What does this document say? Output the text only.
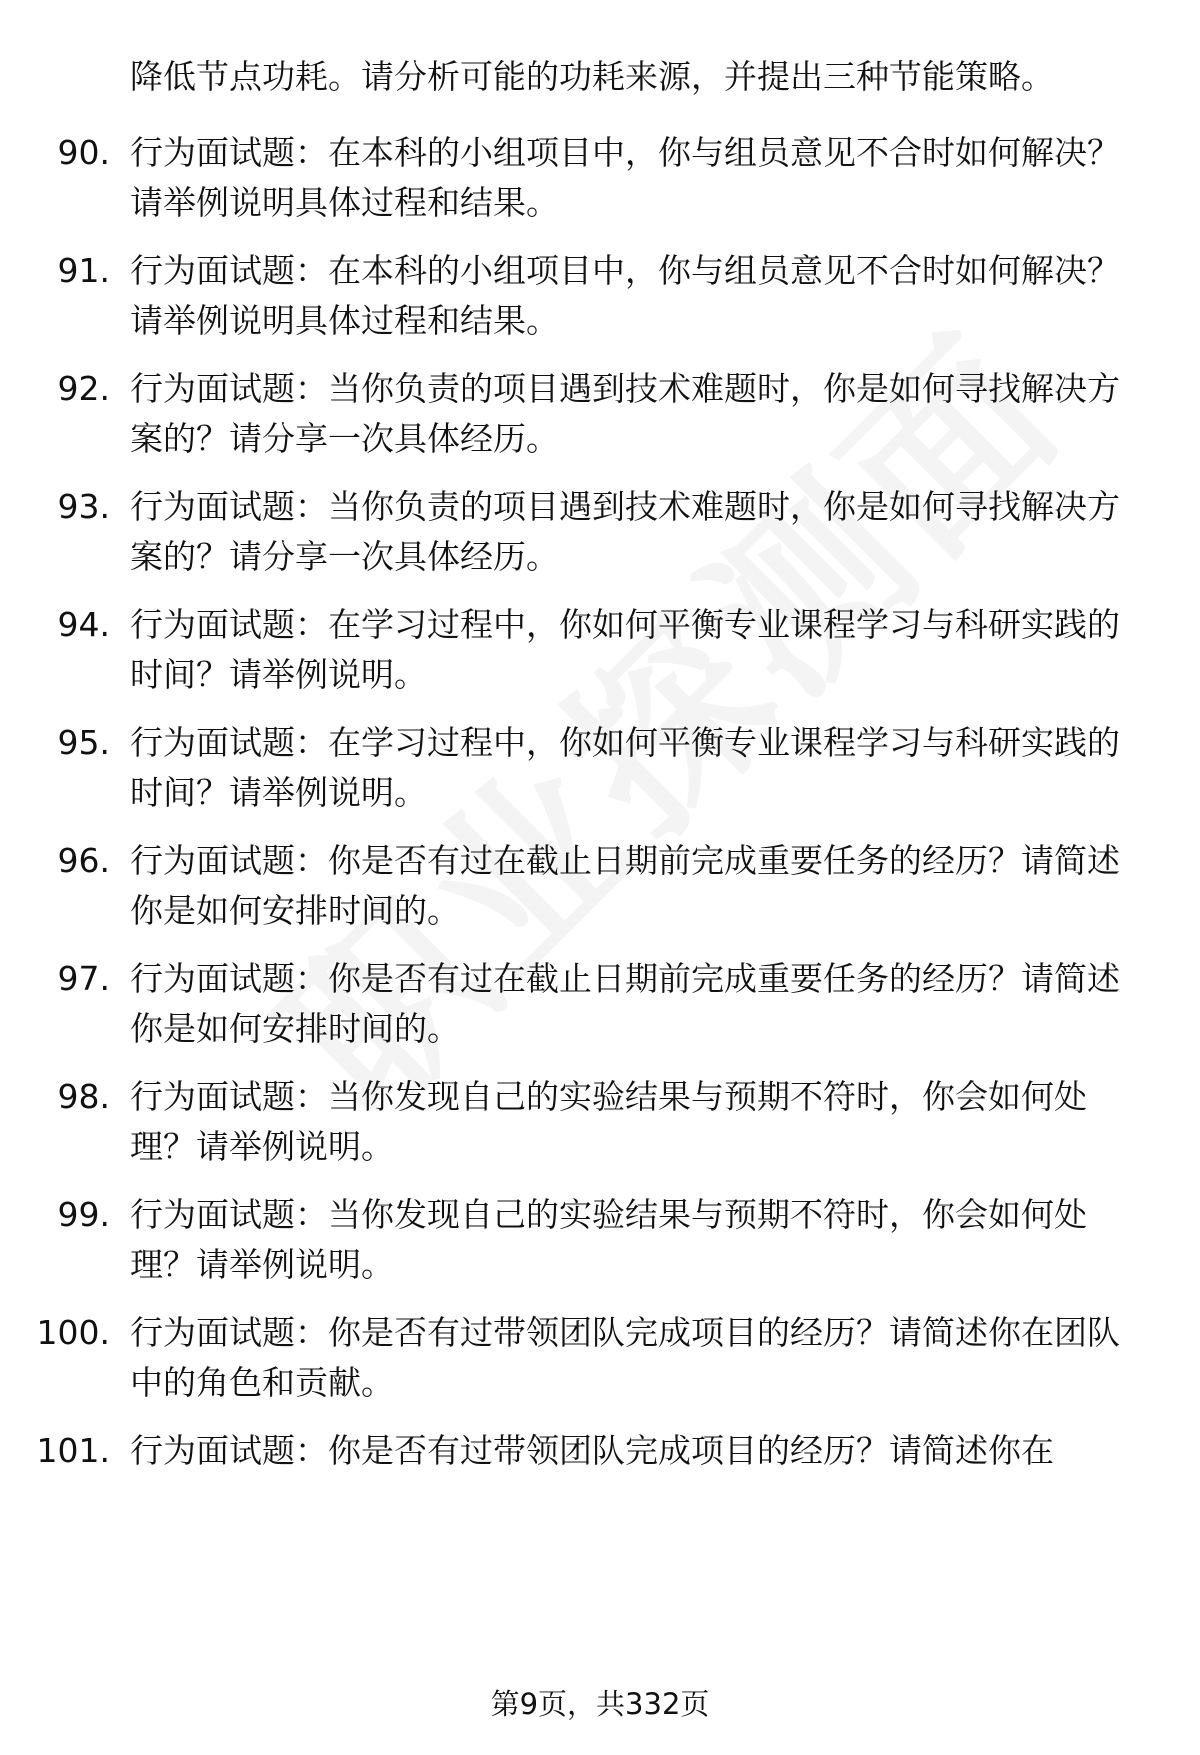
降低节点功耗。请分析可能的功耗来源，并提出三种节能策略。
90. 行为面试题：在本科的小组项目中，你与组员意见不合时如何解决？请举例说明具体过程和结果。
91. 行为面试题：在本科的小组项目中，你与组员意见不合时如何解决？请举例说明具体过程和结果。
92. 行为面试题：当你负责的项目遇到技术难题时，你是如何寻找解决方案的？请分享一次具体经历。
93. 行为面试题：当你负责的项目遇到技术难题时，你是如何寻找解决方案的？请分享一次具体经历。
94. 行为面试题：在学习过程中，你如何平衡专业课程学习与科研实践的时间？请举例说明。
95. 行为面试题：在学习过程中，你如何平衡专业课程学习与科研实践的时间？请举例说明。
96. 行为面试题：你是否有过在截止日期前完成重要任务的经历？请简述你是如何安排时间的。
97. 行为面试题：你是否有过在截止日期前完成重要任务的经历？请简述你是如何安排时间的。
98. 行为面试题：当你发现自己的实验结果与预期不符时，你会如何处理？请举例说明。
99. 行为面试题：当你发现自己的实验结果与预期不符时，你会如何处理？请举例说明。
100. 行为面试题：你是否有过带领团队完成项目的经历？请简述你在团队中的角色和贡献。
101. 行为面试题：你是否有过带领团队完成项目的经历？请简述你在
第9页，共332页
